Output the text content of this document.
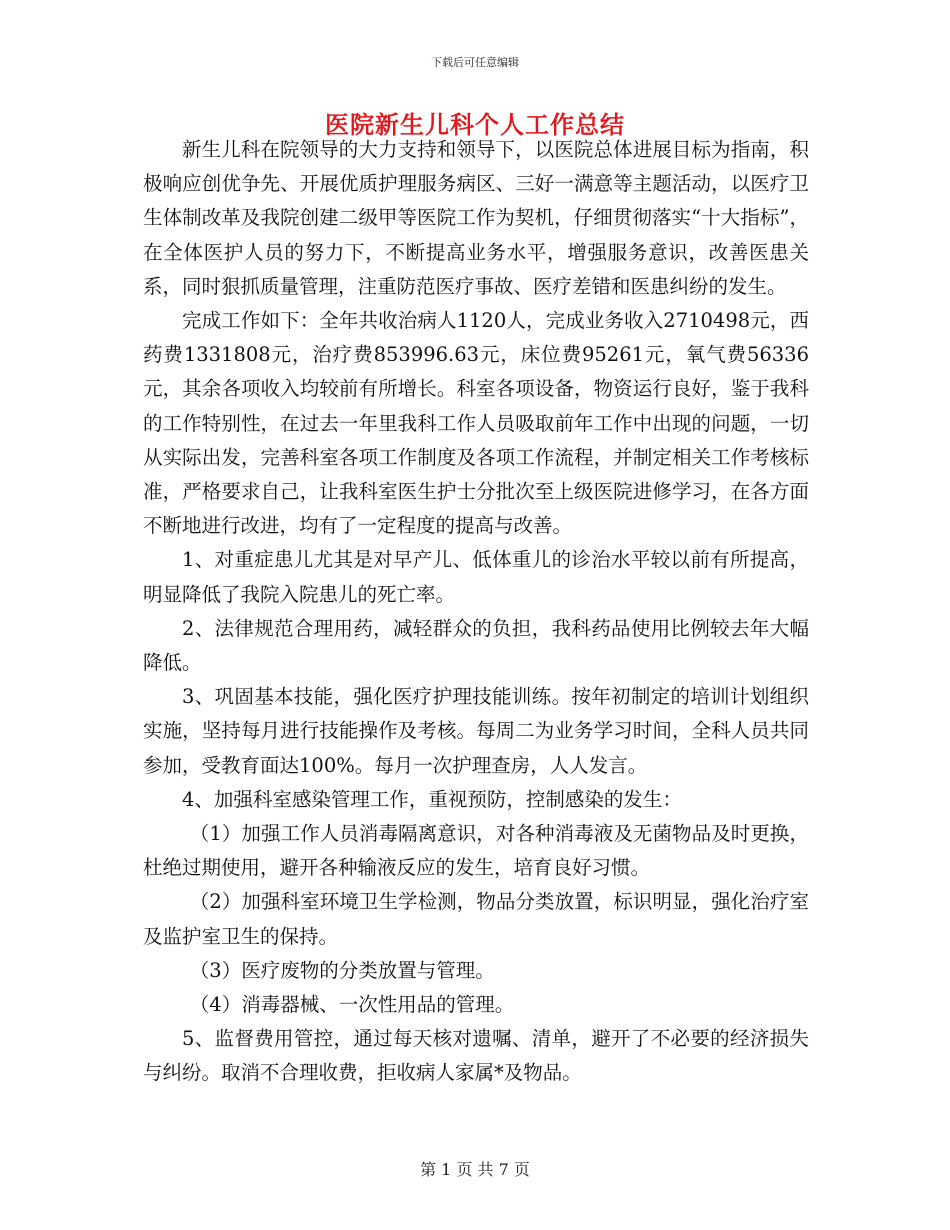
下载后可任意编辑
医院新生儿科个人工作总结

新生儿科在院领导的大力支持和领导下，以医院总体进展目标为指南，积极响应创优争先、开展优质护理服务病区、三好一满意等主题活动，以医疗卫生体制改革及我院创建二级甲等医院工作为契机，仔细贯彻落实“十大指标”，在全体医护人员的努力下，不断提高业务水平，增强服务意识，改善医患关系，同时狠抓质量管理，注重防范医疗事故、医疗差错和医患纠纷的发生。

完成工作如下：全年共收治病人1120人，完成业务收入2710498元，西药费1331808元，治疗费853996.63元，床位费95261元，氧气费56336元，其余各项收入均较前有所增长。科室各项设备，物资运行良好，鉴于我科的工作特别性，在过去一年里我科工作人员吸取前年工作中出现的问题，一切从实际出发，完善科室各项工作制度及各项工作流程，并制定相关工作考核标准，严格要求自己，让我科室医生护士分批次至上级医院进修学习，在各方面不断地进行改进，均有了一定程度的提高与改善。

1、对重症患儿尤其是对早产儿、低体重儿的诊治水平较以前有所提高，明显降低了我院入院患儿的死亡率。

2、法律规范合理用药，减轻群众的负担，我科药品使用比例较去年大幅降低。

3、巩固基本技能，强化医疗护理技能训练。按年初制定的培训计划组织实施，坚持每月进行技能操作及考核。每周二为业务学习时间，全科人员共同参加，受教育面达100%。每月一次护理查房，人人发言。

4、加强科室感染管理工作，重视预防，控制感染的发生：

（1）加强工作人员消毒隔离意识，对各种消毒液及无菌物品及时更换，杜绝过期使用，避开各种输液反应的发生，培育良好习惯。

（2）加强科室环境卫生学检测，物品分类放置，标识明显，强化治疗室及监护室卫生的保持。

（3）医疗废物的分类放置与管理。

（4）消毒器械、一次性用品的管理。

5、监督费用管控，通过每天核对遗嘱、清单，避开了不必要的经济损失与纠纷。取消不合理收费，拒收病人家属*及物品。

第 1 页 共 7 页
